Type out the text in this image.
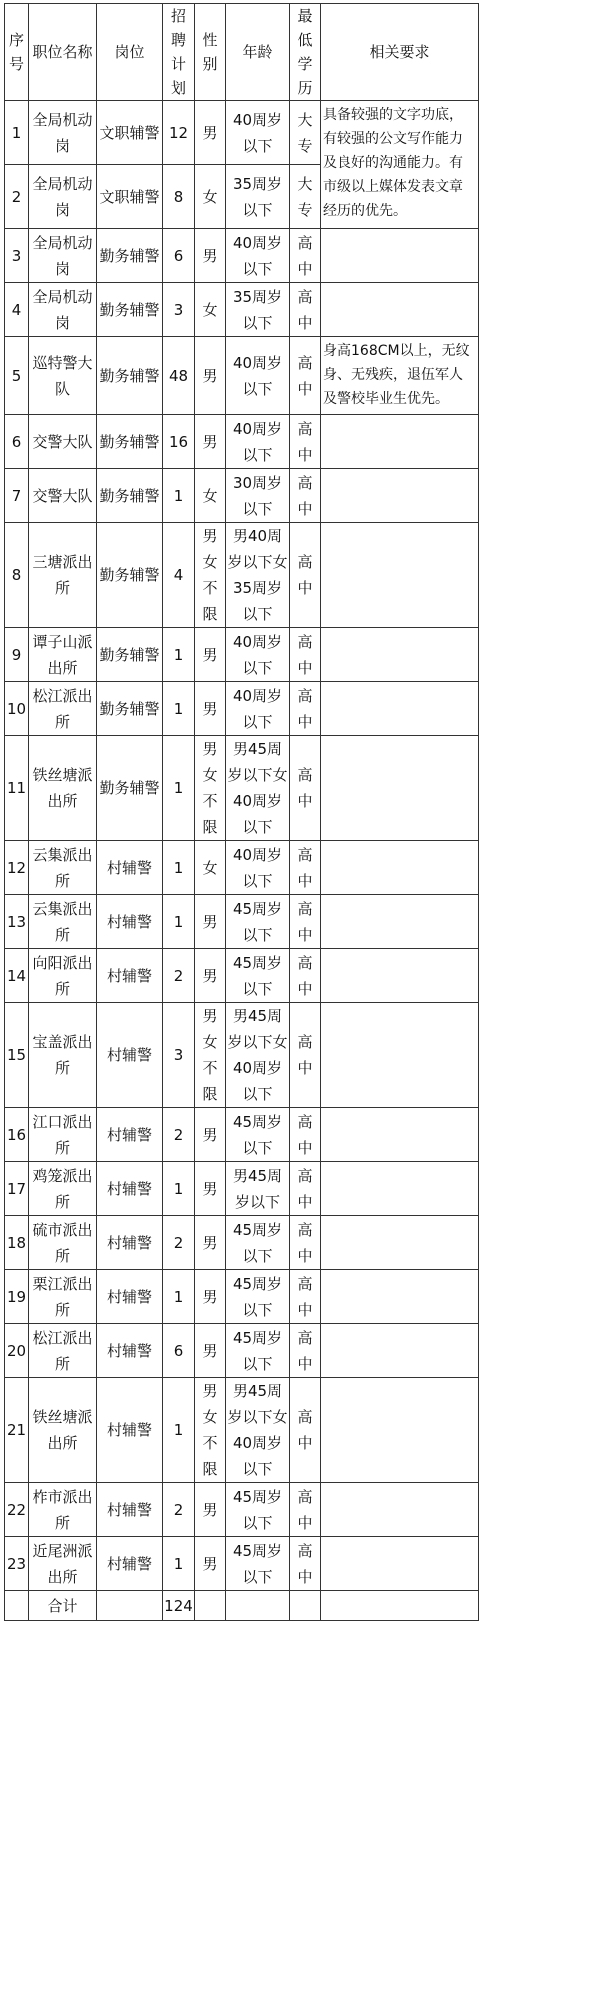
序号	职位名称	岗位	招聘计划	性别	年龄	最低学历	相关要求
1	全局机动岗	文职辅警	12	男	40周岁以下	大专	具备较强的文字功底，有较强的公文写作能力及良好的沟通能力。有市级以上媒体发表文章经历的优先。
2	全局机动岗	文职辅警	8	女	35周岁以下	大专	
3	全局机动岗	勤务辅警	6	男	40周岁以下	高中	
4	全局机动岗	勤务辅警	3	女	35周岁以下	高中	
5	巡特警大队	勤务辅警	48	男	40周岁以下	高中	身高168CM以上，无纹身、无残疾，退伍军人及警校毕业生优先。
6	交警大队	勤务辅警	16	男	40周岁以下	高中	
7	交警大队	勤务辅警	1	女	30周岁以下	高中	
8	三塘派出所	勤务辅警	4	男女不限	男40周岁以下女35周岁以下	高中	
9	谭子山派出所	勤务辅警	1	男	40周岁以下	高中	
10	松江派出所	勤务辅警	1	男	40周岁以下	高中	
11	铁丝塘派出所	勤务辅警	1	男女不限	男45周岁以下女40周岁以下	高中	
12	云集派出所	村辅警	1	女	40周岁以下	高中	
13	云集派出所	村辅警	1	男	45周岁以下	高中	
14	向阳派出所	村辅警	2	男	45周岁以下	高中	
15	宝盖派出所	村辅警	3	男女不限	男45周岁以下女40周岁以下	高中	
16	江口派出所	村辅警	2	男	45周岁以下	高中	
17	鸡笼派出所	村辅警	1	男	男45周岁以下	高中	
18	硫市派出所	村辅警	2	男	45周岁以下	高中	
19	栗江派出所	村辅警	1	男	45周岁以下	高中	
20	松江派出所	村辅警	6	男	45周岁以下	高中	
21	铁丝塘派出所	村辅警	1	男女不限	男45周岁以下女40周岁以下	高中	
22	柞市派出所	村辅警	2	男	45周岁以下	高中	
23	近尾洲派出所	村辅警	1	男	45周岁以下	高中	
	合计		124				
